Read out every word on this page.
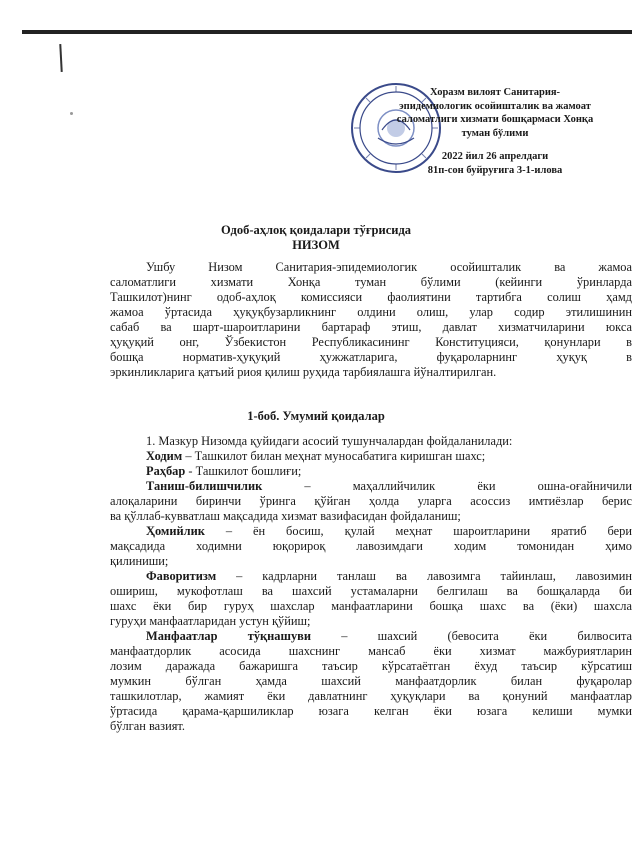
Хоразм вилоят Санитария-
эпидемиологик осойишталик ва жамоат
саломатлиги хизмати бошқармаси Хонқа
туман бўлими
2022 йил 26 апрелдаги
81п-сон буйруғига 3-1-илова
Одоб-аҳлоқ қоидалари тўғрисида
НИЗОМ
Ушбу Низом Санитария-эпидемиологик осойишталик ва жамоа
саломатлиги хизмати Хонқа туман бўлими (кейинги ўринларда
Ташкилот)нинг одоб-аҳлоқ комиссияси фаолиятини тартибга солиш ҳамд
жамоа ўртасида ҳуқуқбузарликнинг олдини олиш, улар содир этилишинин
сабаб ва шарт-шароитларини бартараф этиш, давлат хизматчиларини юкса
ҳуқуқий онг, Ўзбекистон Республикасининг Конституцияси, қонунлари в
бошқа норматив-ҳуқуқий ҳужжатларига, фуқароларнинг ҳуқуқ в
эркинликларига қатъий риоя қилиш руҳида тарбиялашга йўналтирилган.
1-боб. Умумий қоидалар
1. Мазкур Низомда қуйидаги асосий тушунчалардан фойдаланилади:
Ходим – Ташкилот билан меҳнат муносабатига киришган шахс;
Раҳбар - Ташкилот бошлиғи;
Таниш-билишчилик – маҳаллийчилик ёки ошна-оғайничили
алоқаларини биринчи ўринга қўйган ҳолда уларга асоссиз имтиёзлар берис
ва қўллаб-кувватлаш мақсадида хизмат вазифасидан фойдаланиш;
Ҳомийлик – ён босиш, қулай меҳнат шароитларини яратиб бери
мақсадида ходимни юқорироқ лавозимдаги ходим томонидан ҳимо
қилиниши;
Фаворитизм – кадрларни танлаш ва лавозимга тайинлаш, лавозимин
ошириш, мукофотлаш ва шахсий устамаларни белгилаш ва бошқаларда би
шахс ёки бир гуруҳ шахслар манфаатларини бошқа шахс ва (ёки) шахсла
гуруҳи манфаатларидан устун қўйиш;
Манфаатлар тўқнашуви – шахсий (бевосита ёки билвосита
манфаатдорлик асосида шахснинг мансаб ёки хизмат мажбуриятларин
лозим даражада бажаришга таъсир кўрсатаётган ёхуд таъсир кўрсатиш
мумкин бўлган ҳамда шахсий манфаатдорлик билан фуқаролар
ташкилотлар, жамият ёки давлатнинг ҳуқуқлари ва қонуний манфаатлар
ўртасида қарама-қаршиликлар юзага келган ёки юзага келиши мумки
бўлган вазият.
